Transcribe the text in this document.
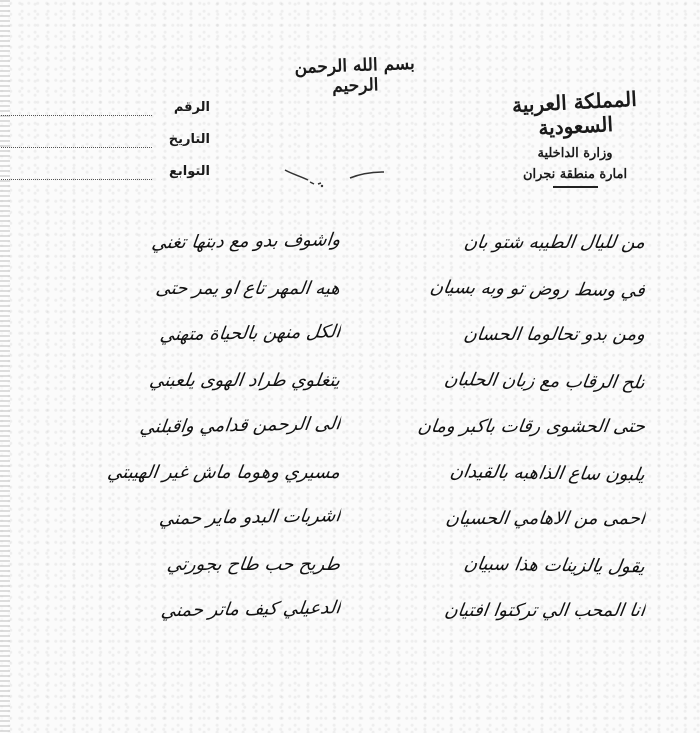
بسم الله الرحمن الرحيم
الرقم
التاريخ
التوابع
المملكة العربية السعودية
وزارة الداخلية
امارة منطقة نجران
من لليال الطيبه شتو بان
في وسط روض تو وبه بسيان
ومن بدو تحالوما الحسان
تلح الرقاب مع زبان الحلبان
حتى الحشوى رقات باكبر ومان
يلبون ساع الذاهبه بالقيدان
احمى من الاهامي الحسيان
يقول يالزينات هذا سبيان
انا المحب الي تركتوا افتيان
واشوف بدو مع دبتها تغني
هيه المهر تاع او يمر حتى
الكل منهن بالحياة متهني
يتغلوي طراد الهوى يلعبني
الى الرحمن قدامي واقبلني
مسيري وهوما ماش غير الهيبتي
اشربات البدو ماير حمني
طريح حب طاح بجورتي
الدعيلي كيف ماتر حمني
